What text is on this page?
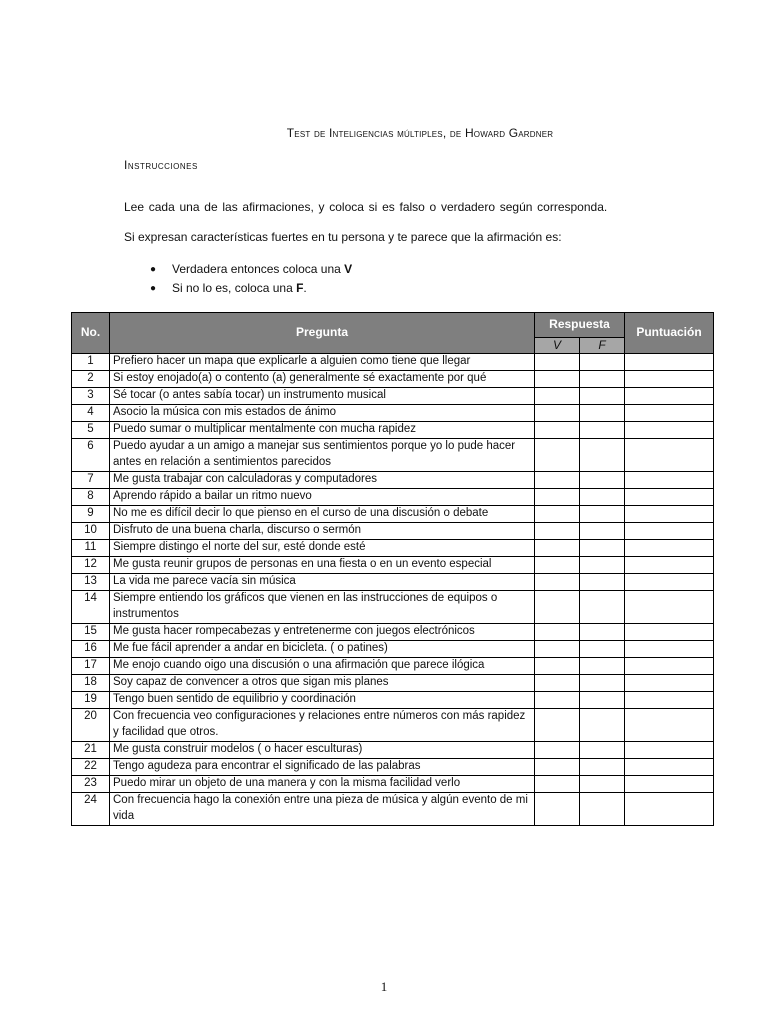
Test de Inteligencias múltiples, de Howard Gardner
Instrucciones
Lee cada una de las afirmaciones, y coloca si es falso o verdadero según corresponda.
Si expresan características fuertes en tu persona y te parece que la afirmación es:
● Verdadera entonces coloca una V
● Si no lo es, coloca una F.
No.	Pregunta	Respuesta		Puntuación
		V	F	
1	Prefiero hacer un mapa que explicarle a alguien como tiene que llegar			
2	Si estoy enojado(a) o contento (a) generalmente sé exactamente por qué			
3	Sé tocar (o antes sabía tocar) un instrumento musical			
4	Asocio la música con mis estados de ánimo			
5	Puedo sumar o multiplicar mentalmente con mucha rapidez			
6	Puedo ayudar a un amigo a manejar sus sentimientos porque yo lo pude hacer antes en relación a sentimientos parecidos			
7	Me gusta trabajar con calculadoras y computadores			
8	Aprendo rápido a bailar un ritmo nuevo			
9	No me es difícil decir lo que pienso en el curso de una discusión o debate			
10	Disfruto de una buena charla, discurso o sermón			
11	Siempre distingo el norte del sur, esté donde esté			
12	Me gusta reunir grupos de personas en una fiesta o en un evento especial			
13	La vida me parece vacía sin música			
14	Siempre entiendo los gráficos que vienen en las instrucciones de equipos o instrumentos			
15	Me gusta hacer rompecabezas y entretenerme con juegos electrónicos			
16	Me fue fácil aprender a andar en bicicleta. ( o patines)			
17	Me enojo cuando oigo una discusión o una afirmación que parece ilógica			
18	Soy capaz de convencer a otros que sigan mis planes			
19	Tengo buen sentido de equilibrio y coordinación			
20	Con frecuencia veo configuraciones y relaciones entre números con más rapidez y facilidad que otros.			
21	Me gusta construir modelos ( o hacer esculturas)			
22	Tengo agudeza para encontrar el significado de las palabras			
23	Puedo mirar un objeto de una manera y con la misma facilidad verlo			
24	Con frecuencia hago la conexión entre una pieza de música y algún evento de mi vida			
1
